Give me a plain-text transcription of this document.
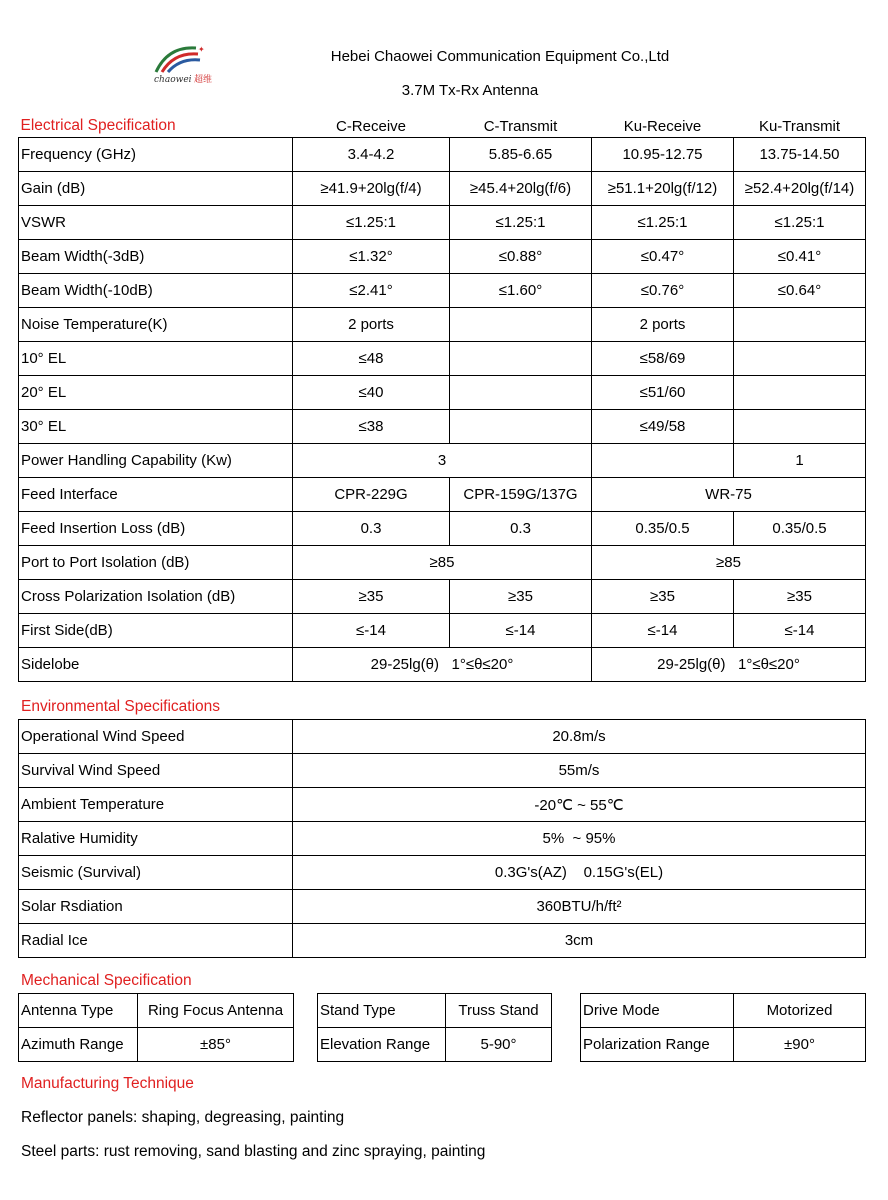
✦
chaowei 超维
Hebei Chaowei Communication Equipment Co.,Ltd
3.7M Tx-Rx Antenna
Electrical Specification	C-Receive	C-Transmit	Ku-Receive	Ku-Transmit
Frequency (GHz)	3.4-4.2	5.85-6.65	10.95-12.75	13.75-14.50
Gain (dB)	≥41.9+20lg(f/4)	≥45.4+20lg(f/6)	≥51.1+20lg(f/12)	≥52.4+20lg(f/14)
VSWR	≤1.25:1	≤1.25:1	≤1.25:1	≤1.25:1
Beam Width(-3dB)	≤1.32°	≤0.88°	≤0.47°	≤0.41°
Beam Width(-10dB)	≤2.41°	≤1.60°	≤0.76°	≤0.64°
Noise Temperature(K)	2 ports		2 ports	
10° EL	≤48		≤58/69	
20° EL	≤40		≤51/60	
30° EL	≤38		≤49/58	
Power Handling Capability (Kw)	3			1
Feed Interface	CPR-229G	CPR-159G/137G	WR-75	
Feed Insertion Loss (dB)	0.3	0.3	0.35/0.5	0.35/0.5
Port to Port Isolation (dB)	≥85		≥85	
Cross Polarization Isolation (dB)	≥35	≥35	≥35	≥35
First Side(dB)	≤-14	≤-14	≤-14	≤-14
Sidelobe	29-25lg(θ)   1°≤θ≤20°		29-25lg(θ)   1°≤θ≤20°	
Environmental Specifications
Operational Wind Speed	20.8m/s
Survival Wind Speed	55m/s
Ambient Temperature	-20℃ ~ 55℃
Ralative Humidity	5%  ~ 95%
Seismic (Survival)	0.3G's(AZ)    0.15G's(EL)
Solar Rsdiation	360BTU/h/ft²
Radial Ice	3cm
Mechanical Specification
Antenna Type	Ring Focus Antenna
Azimuth Range	±85°
Stand Type	Truss Stand
Elevation Range	5-90°
Drive Mode	Motorized
Polarization Range	±90°
Manufacturing Technique
Reflector panels: shaping, degreasing, painting
Steel parts: rust removing, sand blasting and zinc spraying, painting
